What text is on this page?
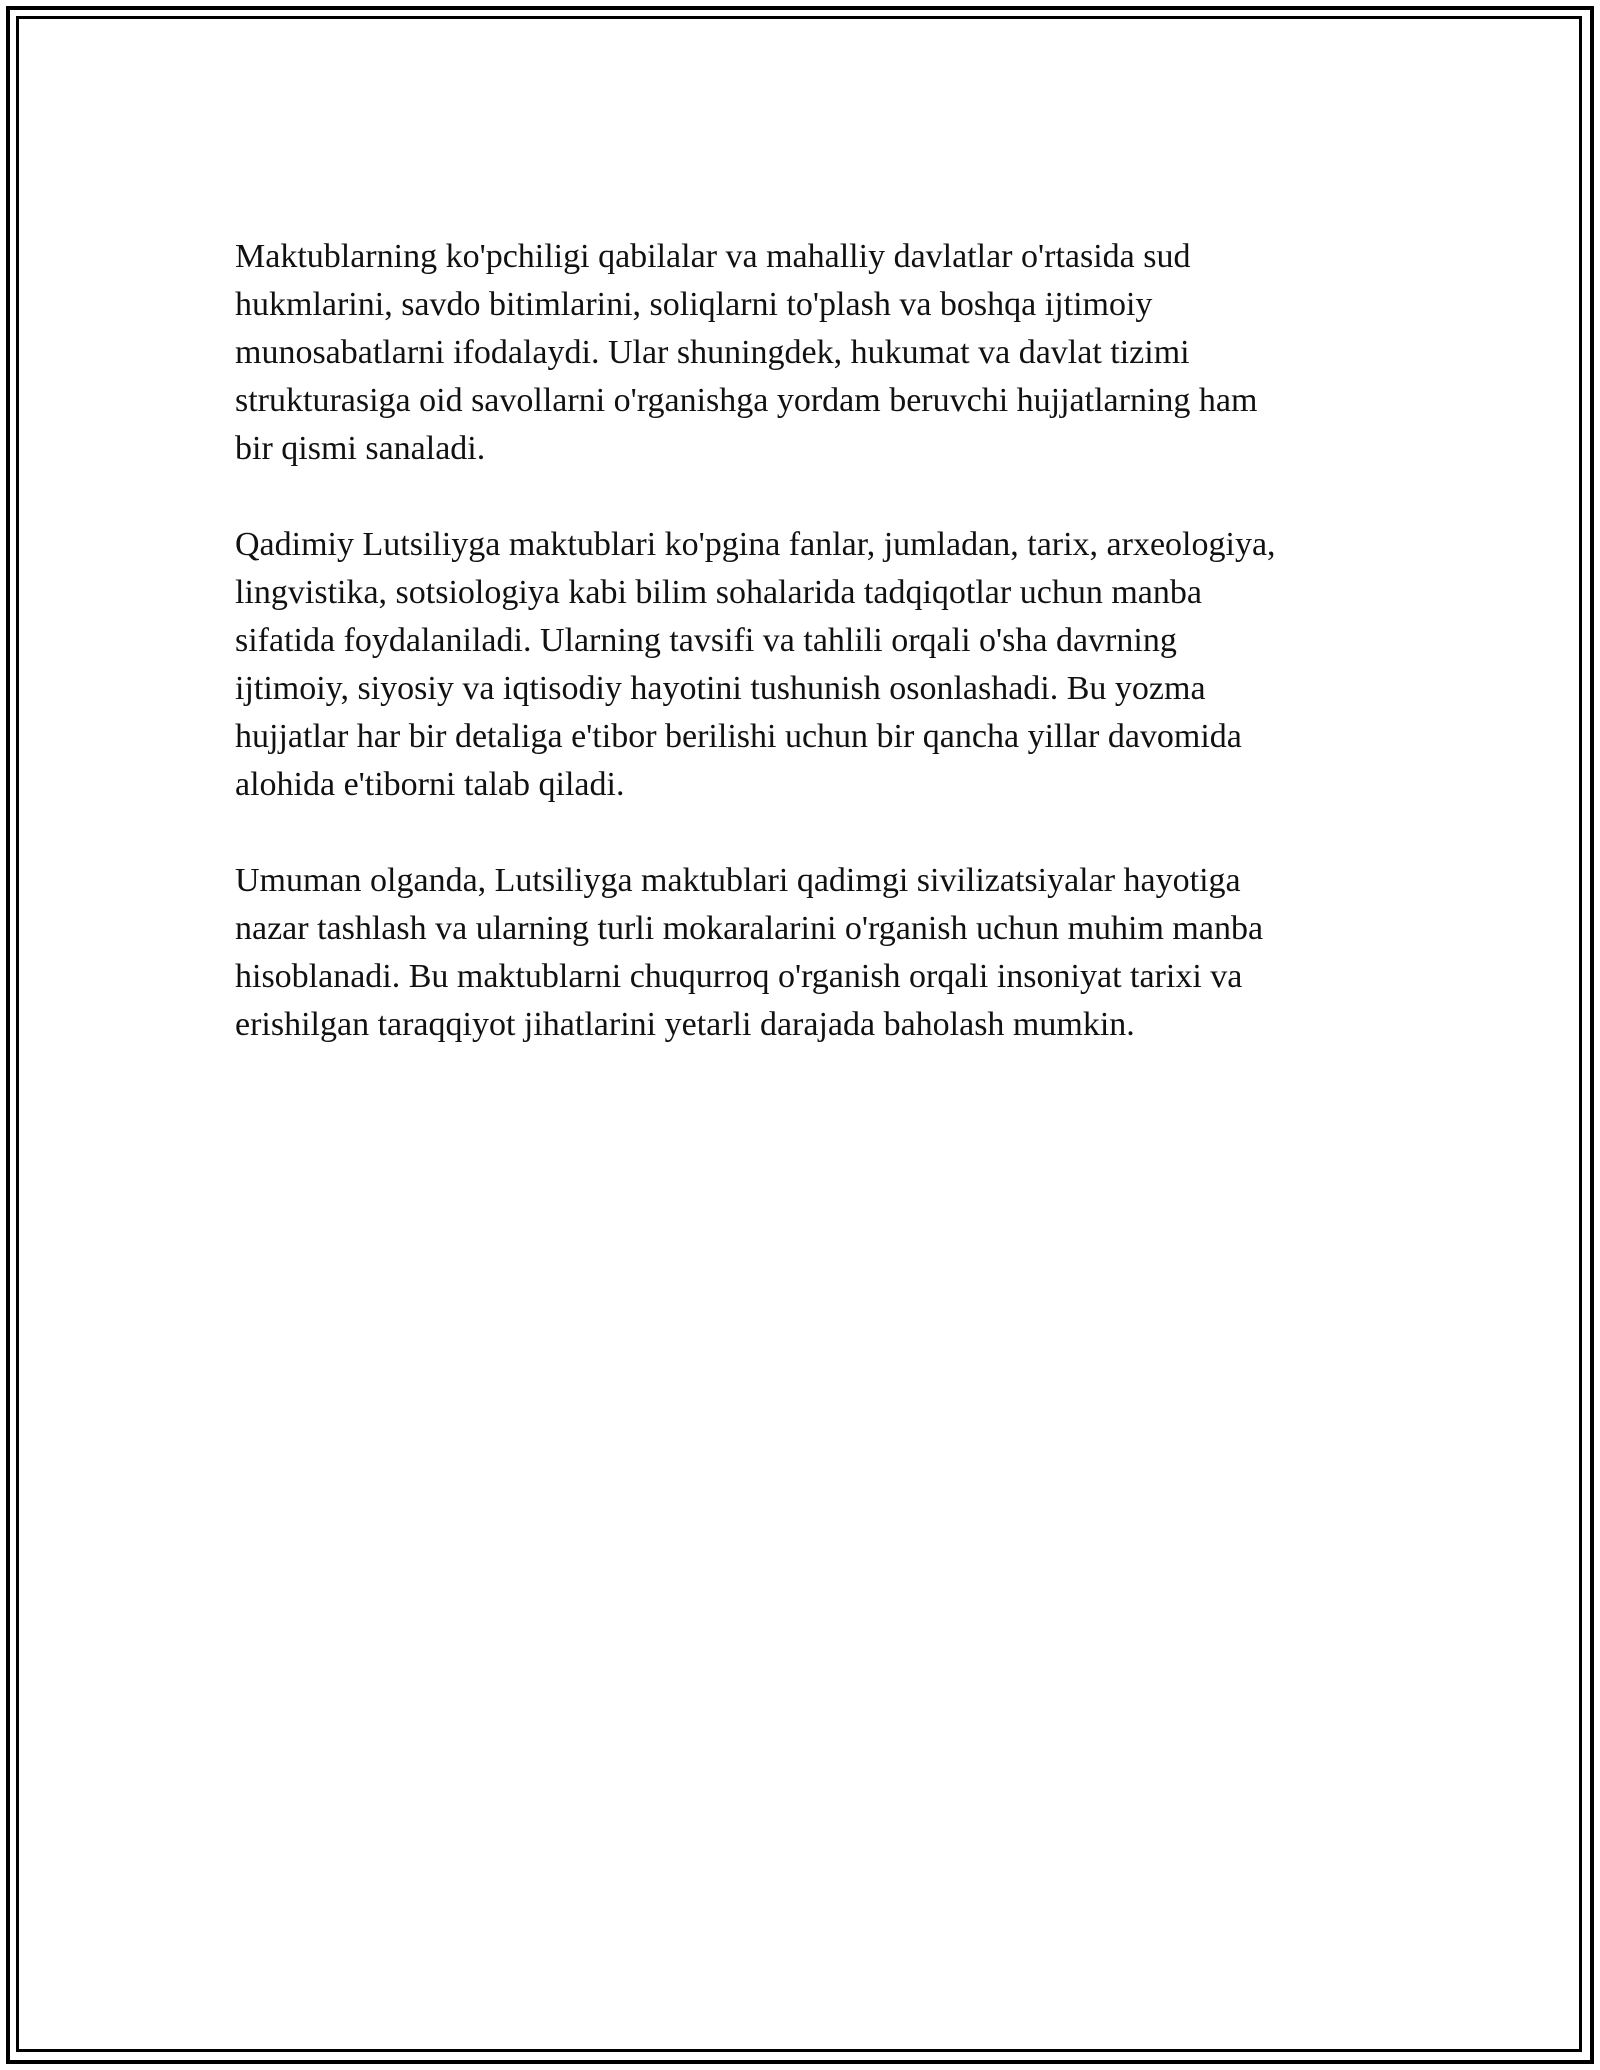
Maktublarning ko'pchiligi qabilalar va mahalliy davlatlar o'rtasida sud
hukmlarini, savdo bitimlarini, soliqlarni to'plash va boshqa ijtimoiy
munosabatlarni ifodalaydi. Ular shuningdek, hukumat va davlat tizimi
strukturasiga oid savollarni o'rganishga yordam beruvchi hujjatlarning ham
bir qismi sanaladi.

Qadimiy Lutsiliyga maktublari ko'pgina fanlar, jumladan, tarix, arxeologiya,
lingvistika, sotsiologiya kabi bilim sohalarida tadqiqotlar uchun manba
sifatida foydalaniladi. Ularning tavsifi va tahlili orqali o'sha davrning
ijtimoiy, siyosiy va iqtisodiy hayotini tushunish osonlashadi. Bu yozma
hujjatlar har bir detaliga e'tibor berilishi uchun bir qancha yillar davomida
alohida e'tiborni talab qiladi.

Umuman olganda, Lutsiliyga maktublari qadimgi sivilizatsiyalar hayotiga
nazar tashlash va ularning turli mokaralarini o'rganish uchun muhim manba
hisoblanadi. Bu maktublarni chuqurroq o'rganish orqali insoniyat tarixi va
erishilgan taraqqiyot jihatlarini yetarli darajada baholash mumkin.
